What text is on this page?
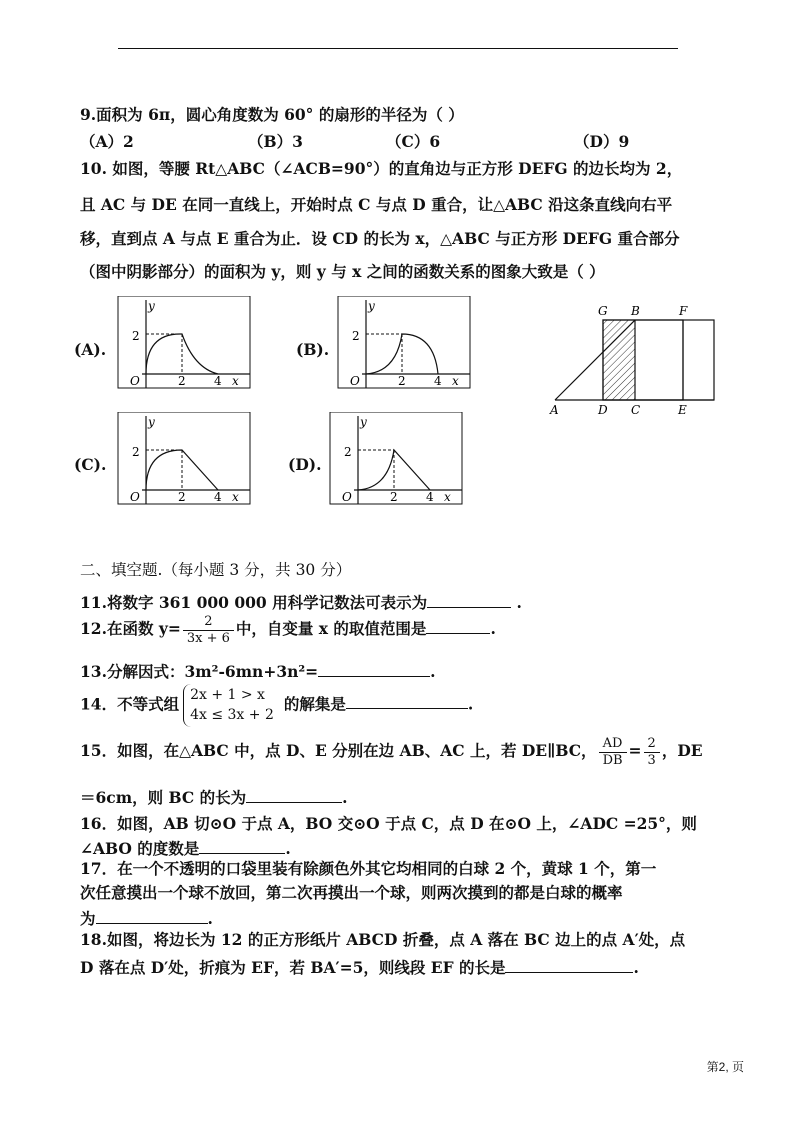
9.面积为 6π，圆心角度数为 60° 的扇形的半径为（ ）
（A）2	（B）3	（C）6	（D）9
10. 如图，等腰 Rt△ABC（∠ACB=90°）的直角边与正方形 DEFG 的边长均为 2，
且 AC 与 DE 在同一直线上，开始时点 C 与点 D 重合，让△ABC 沿这条直线向右平
移，直到点 A 与点 E 重合为止．设 CD 的长为 x，△ABC 与正方形 DEFG 重合部分
（图中阴影部分）的面积为 y，则 y 与 x 之间的函数关系的图象大致是（ ）
(A).
2
y
O	2 4 x
(B).
2
y
O	2 4 x
(C).
2
y
O	2 4 x
(D).
2
y
O	2 4 x
G B	F
A	D C	E
二、填空题.（每小题 3 分，共 30 分）
11.将数字 361 000 000 用科学记数法可表示为	.
12.在函数 $y= \frac{2}{3x + 6}$ 中，自变量 x 的取值范围是	.
13.分解因式：3m²-6mn+3n²=	.
14．不等式组 2x + 1 > x
4x ≤ 3x + 2
的解集是	.
15．如图，在△ABC 中，点 D、E 分别在边 AB、AC 上，若 DE∥BC， $\frac{AD}{DB} = \frac{2}{3}$ ，DE
＝6cm，则 BC 的长为	.
16．如图，AB 切⊙O 于点 A，BO 交⊙O 于点 C，点 D 在⊙O 上，∠ADC =25°，则
∠ABO 的度数是	.
17．在一个不透明的口袋里装有除颜色外其它均相同的白球 2 个，黄球 1 个，第一
次任意摸出一个球不放回，第二次再摸出一个球，则两次摸到的都是白球的概率
为	.
18.如图，将边长为 12 的正方形纸片 ABCD 折叠，点 A 落在 BC 边上的点 A′处，点
D 落在点 D′处，折痕为 EF，若 BA′=5，则线段 EF 的长是	.
第2, 页
